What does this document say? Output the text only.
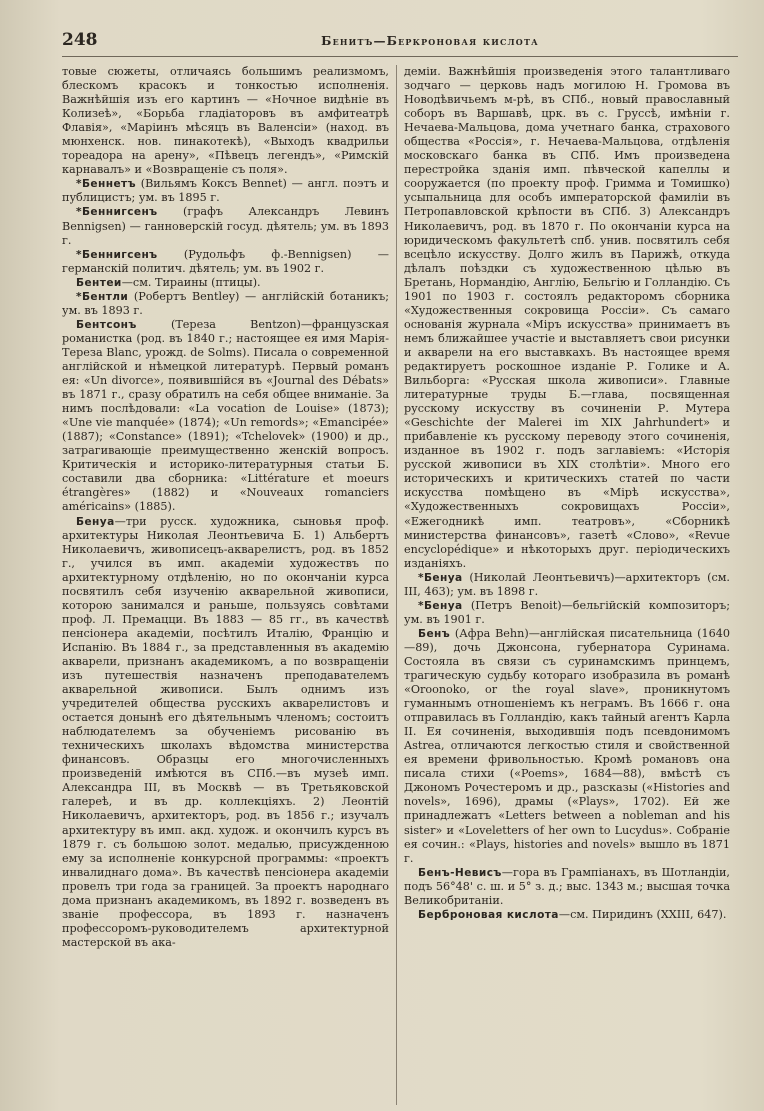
248	Бенитъ—Беркроновая кислота

товые сюжеты, отличаясь большимъ реализмомъ, блескомъ красокъ и тонкостью исполненія. Важнѣйшія изъ его картинъ — «Ночное видѣніе въ Колизеѣ», «Борьба гладіаторовъ въ амфитеатрѣ Флавія», «Маріинъ мѣсяцъ въ Валенсіи» (наход. въ мюнхенск. нов. пинакотекѣ), «Выходъ квадрильи тореадора на арену», «Пѣвецъ легендъ», «Римскій карнавалъ» и «Возвращеніе съ поля».

*Беннетъ (Вильямъ Коксъ Bennet) — англ. поэтъ и публицистъ; ум. въ 1895 г.

*Беннигсенъ (графъ Александръ Левинъ Bennigsen) — ганноверскій госуд. дѣятель; ум. въ 1893 г.

*Беннигсенъ (Рудольфъ ф.-Bennigsen) — германскій политич. дѣятель; ум. въ 1902 г.

Бентеи—см. Тираины (птицы).

*Бентли (Робертъ Bentley) — англійскій ботаникъ; ум. въ 1893 г.

Бентсонъ (Тереза Bentzon)—французская романистка (род. въ 1840 г.; настоящее ея имя Марія-Тереза Blanc, урожд. de Solms). Писала о современной англійской и нѣмецкой литературѣ. Первый романъ ея: «Un divorce», появившійся въ «Journal des Débats» въ 1871 г., сразу обратилъ на себя общее вниманіе. За нимъ послѣдовали: «La vocation de Louise» (1873); «Une vie manquée» (1874); «Un remords»; «Emancipée» (1887); «Constance» (1891); «Tchelovek» (1900) и др., затрагивающіе преимущественно женскій вопросъ. Критическія и историко-литературныя статьи Б. составили два сборника: «Littérature et moeurs étrangères» (1882) и «Nouveaux romanciers américains» (1885).

Бенуа—три русск. художника, сыновья проф. архитектуры Николая Леонтьевича Б. 1) Альбертъ Николаевичъ, живописецъ-акварелистъ, род. въ 1852 г., учился въ имп. академіи художествъ по архитектурному отдѣленію, но по окончаніи курса посвятилъ себя изученію акварельной живописи, которою занимался и раньше, пользуясь совѣтами проф. Л. Премацци. Въ 1883 — 85 гг., въ качествѣ пенсіонера академіи, посѣтилъ Италію, Францію и Испанію. Въ 1884 г., за представленныя въ академію акварели, признанъ академикомъ, а по возвращеніи изъ путешествія назначенъ преподавателемъ акварельной живописи. Былъ однимъ изъ учредителей общества русскихъ акварелистовъ и остается донынѣ его дѣятельнымъ членомъ; состоитъ наблюдателемъ за обученіемъ рисованію въ техническихъ школахъ вѣдомства министерства финансовъ. Образцы его многочисленныхъ произведеній имѣются въ СПб.—въ музеѣ имп. Александра III, въ Москвѣ — въ Третьяковской галереѣ, и въ др. коллекціяхъ. 2) Леонтій Николаевичъ, архитекторъ, род. въ 1856 г.; изучалъ архитектуру въ имп. акд. худож. и окончилъ курсъ въ 1879 г. съ большою золот. медалью, присужденною ему за исполненіе конкурсной программы: «проектъ инвалиднаго дома». Въ качествѣ пенсіонера академіи провелъ три года за границей. За проектъ народнаго дома признанъ академикомъ, въ 1892 г. возведенъ въ званіе профессора, въ 1893 г. назначенъ профессоромъ-руководителемъ архитектурной мастерской въ ака-

деміи. Важнѣйшія произведенія этого талантливаго зодчаго — церковь надъ могилою Н. Громова въ Новодѣвичьемъ м-рѣ, въ СПб., новый православный соборъ въ Варшавѣ, црк. въ с. Груссѣ, имѣніи г. Нечаева-Мальцова, дома учетнаго банка, страхового общества «Россія», г. Нечаева-Мальцова, отдѣленія московскаго банка въ СПб. Имъ произведена перестройка зданія имп. пѣвческой капеллы и сооружается (по проекту проф. Гримма и Томишко) усыпальница для особъ императорской фамиліи въ Петропавловской крѣпости въ СПб. 3) Александръ Николаевичъ, род. въ 1870 г. По окончаніи курса на юридическомъ факультетѣ спб. унив. посвятилъ себя всецѣло искусству. Долго жилъ въ Парижѣ, откуда дѣлалъ поѣздки съ художественною цѣлью въ Бретань, Нормандію, Англію, Бельгію и Голландію. Съ 1901 по 1903 г. состоялъ редакторомъ сборника «Художественныя сокровища Россіи». Съ самаго основанія журнала «Міръ искусства» принимаетъ въ немъ ближайшее участіе и выставляетъ свои рисунки и акварели на его выставкахъ. Въ настоящее время редактируетъ роскошное изданіе Р. Голике и А. Вильборга: «Русская школа живописи». Главные литературные труды Б.—глава, посвященная русскому искусству въ сочиненіи Р. Мутера «Geschichte der Malerei im XIX Jahrhundert» и прибавленіе къ русскому переводу этого сочиненія, изданное въ 1902 г. подъ заглавіемъ: «Исторія русской живописи въ XIX столѣтіи». Много его историческихъ и критическихъ статей по части искусства помѣщено въ «Мірѣ искусства», «Художественныхъ сокровищахъ Россіи», «Ежегодникѣ имп. театровъ», «Сборникѣ министерства финансовъ», газетѣ «Слово», «Revue encyclopédique» и нѣкоторыхъ друг. періодическихъ изданіяхъ.

*Бенуа (Николай Леонтьевичъ)—архитекторъ (см. III, 463); ум. въ 1898 г.

*Бенуа (Петръ Benoit)—бельгійскій композиторъ; ум. въ 1901 г.

Бенъ (Афра Behn)—англійская писательница (1640—89), дочь Джонсона, губернатора Суринама. Состояла въ связи съ суринамскимъ принцемъ, трагическую судьбу котораго изобразила въ романѣ «Oroonoko, or the royal slave», проникнутомъ гуманнымъ отношеніемъ къ неграмъ. Въ 1666 г. она отправилась въ Голландію, какъ тайный агентъ Карла II. Ея сочиненія, выходившія подъ псевдонимомъ Astrea, отличаются легкостью стиля и свойственной ея времени фривольностью. Кромѣ романовъ она писала стихи («Poems», 1684—88), вмѣстѣ съ Джономъ Рочестеромъ и др., разсказы («Histories and novels», 1696), драмы («Plays», 1702). Ей же принадлежатъ «Letters between a nobleman and his sister» и «Loveletters of her own to Lucydus». Собраніе ея сочин.: «Plays, histories and novels» вышло въ 1871 г.

Бенъ-Невисъ—гора въ Грампіанахъ, въ Шотландіи, подъ 56°48' с. ш. и 5° з. д.; выс. 1343 м.; высшая точка Великобританіи.

Берброновая кислота—см. Пиридинъ (XXIII, 647).
